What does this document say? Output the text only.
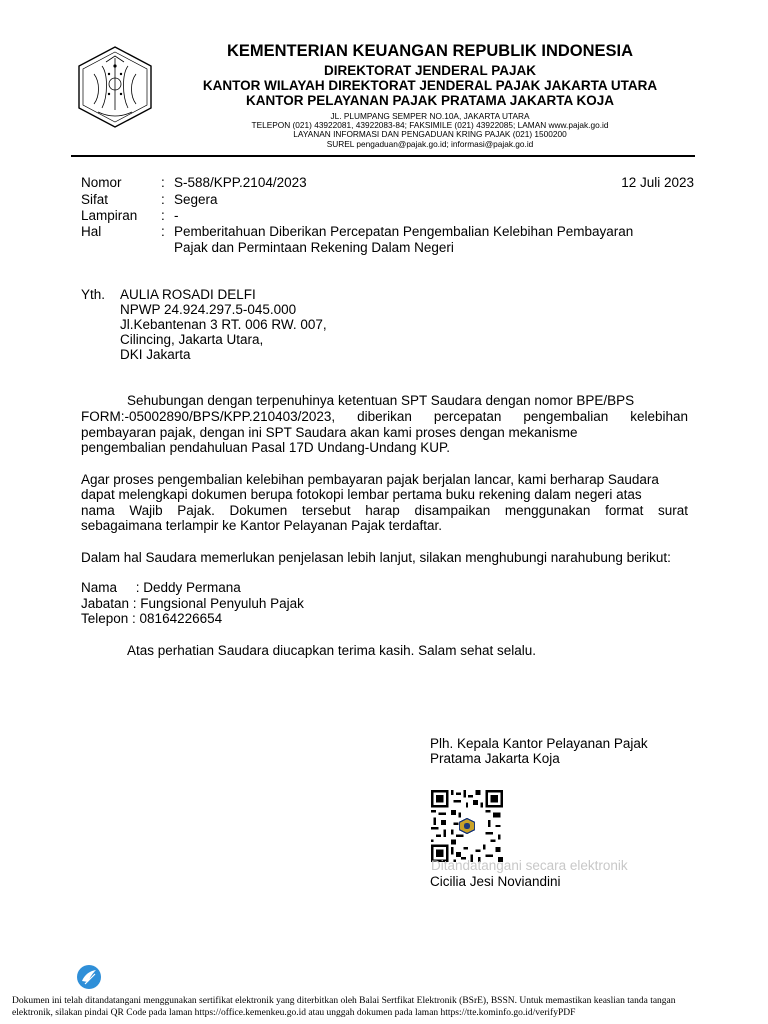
KEMENTERIAN KEUANGAN REPUBLIK INDONESIA
DIREKTORAT JENDERAL PAJAK
KANTOR WILAYAH DIREKTORAT JENDERAL PAJAK JAKARTA UTARA
KANTOR PELAYANAN PAJAK PRATAMA JAKARTA KOJA
JL. PLUMPANG SEMPER NO.10A, JAKARTA UTARA
TELEPON (021) 43922081, 43922083-84; FAKSIMILE (021) 43922085; LAMAN www.pajak.go.id
LAYANAN INFORMASI DAN PENGADUAN KRING PAJAK (021) 1500200
SUREL pengaduan@pajak.go.id; informasi@pajak.go.id
Nomor	: S-588/KPP.2104/2023	12 Juli 2023
Sifat	: Segera
Lampiran : -
Hal	: Pemberitahuan Diberikan Percepatan Pengembalian Kelebihan Pembayaran
Pajak dan Permintaan Rekening Dalam Negeri
Yth. AULIA ROSADI DELFI
NPWP 24.924.297.5-045.000
Jl.Kebantenan 3 RT. 006 RW. 007,
Cilincing, Jakarta Utara,
DKI Jakarta
Sehubungan dengan terpenuhinya ketentuan SPT Saudara dengan nomor BPE/BPS
FORM:-05002890/BPS/KPP.210403/2023, diberikan percepatan pengembalian kelebihan
pembayaran pajak, dengan ini SPT Saudara akan kami proses dengan mekanisme
pengembalian pendahuluan Pasal 17D Undang-Undang KUP.
Agar proses pengembalian kelebihan pembayaran pajak berjalan lancar, kami berharap Saudara
dapat melengkapi dokumen berupa fotokopi lembar pertama buku rekening dalam negeri atas
nama Wajib Pajak. Dokumen tersebut harap disampaikan menggunakan format surat
sebagaimana terlampir ke Kantor Pelayanan Pajak terdaftar.
Dalam hal Saudara memerlukan penjelasan lebih lanjut, silakan menghubungi narahubung berikut:
Nama     : Deddy Permana
Jabatan : Fungsional Penyuluh Pajak
Telepon : 08164226654
Atas perhatian Saudara diucapkan terima kasih. Salam sehat selalu.
Plh. Kepala Kantor Pelayanan Pajak
Pratama Jakarta Koja
Ditandatangani secara elektronik
Cicilia Jesi Noviandini
Dokumen ini telah ditandatangani menggunakan sertifikat elektronik yang diterbitkan oleh Balai Sertfikat Elektronik (BSrE), BSSN. Untuk memastikan keaslian tanda tangan
elektronik, silakan pindai QR Code pada laman https://office.kemenkeu.go.id atau unggah dokumen pada laman https://tte.kominfo.go.id/verifyPDF
